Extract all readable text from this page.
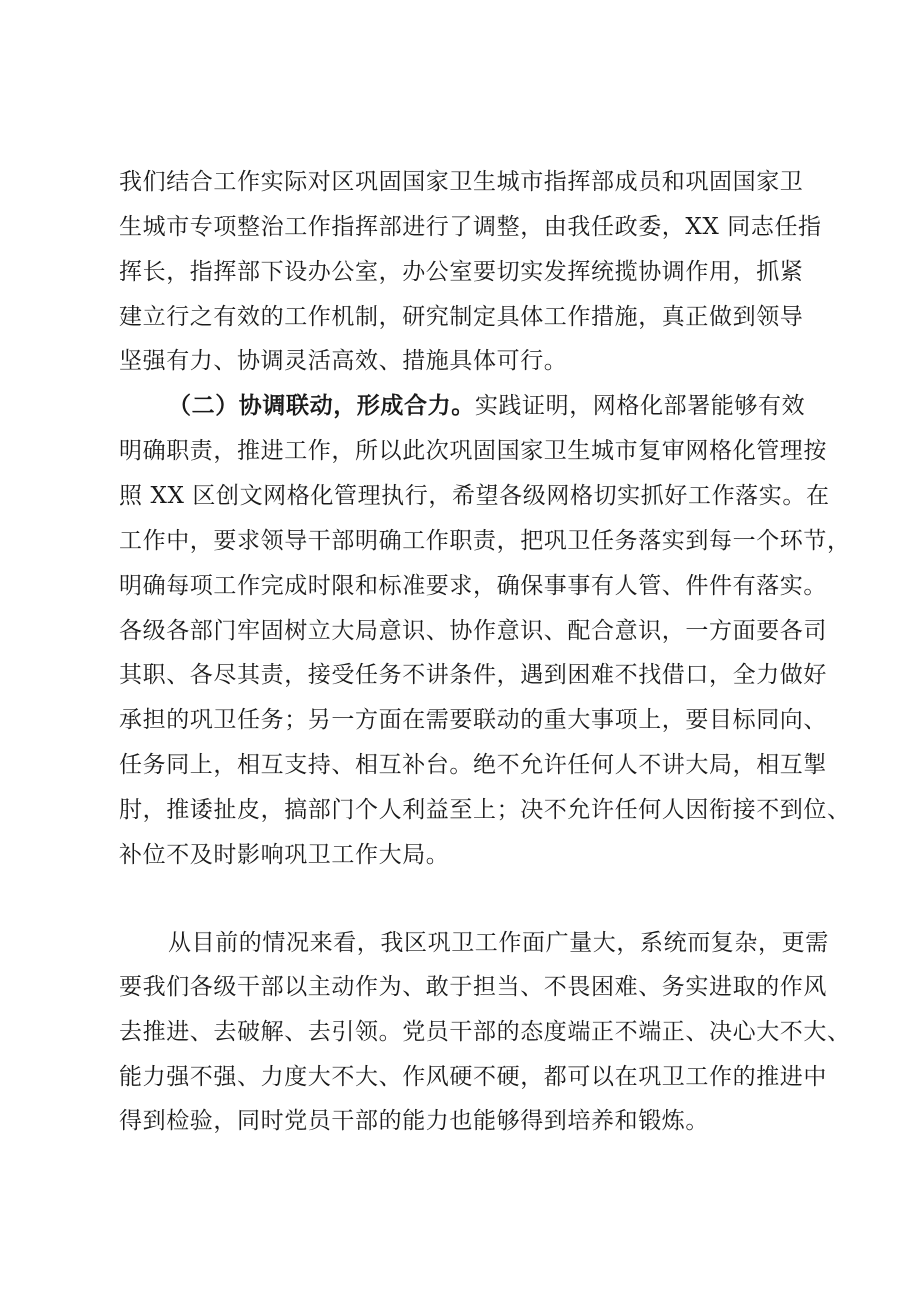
我们结合工作实际对区巩固国家卫生城市指挥部成员和巩固国家卫
生城市专项整治工作指挥部进行了调整，由我任政委，XX 同志任指
挥长，指挥部下设办公室，办公室要切实发挥统揽协调作用，抓紧
建立行之有效的工作机制，研究制定具体工作措施，真正做到领导
坚强有力、协调灵活高效、措施具体可行。
（二）协调联动，形成合力。实践证明，网格化部署能够有效
明确职责，推进工作，所以此次巩固国家卫生城市复审网格化管理按
照 XX 区创文网格化管理执行，希望各级网格切实抓好工作落实。在
工作中，要求领导干部明确工作职责，把巩卫任务落实到每一个环节，
明确每项工作完成时限和标准要求，确保事事有人管、件件有落实。
各级各部门牢固树立大局意识、协作意识、配合意识，一方面要各司
其职、各尽其责，接受任务不讲条件，遇到困难不找借口，全力做好
承担的巩卫任务；另一方面在需要联动的重大事项上，要目标同向、
任务同上，相互支持、相互补台。绝不允许任何人不讲大局，相互掣
肘，推诿扯皮，搞部门个人利益至上；决不允许任何人因衔接不到位、
补位不及时影响巩卫工作大局。
从目前的情况来看，我区巩卫工作面广量大，系统而复杂，更需
要我们各级干部以主动作为、敢于担当、不畏困难、务实进取的作风
去推进、去破解、去引领。党员干部的态度端正不端正、决心大不大、
能力强不强、力度大不大、作风硬不硬，都可以在巩卫工作的推进中
得到检验，同时党员干部的能力也能够得到培养和锻炼。
